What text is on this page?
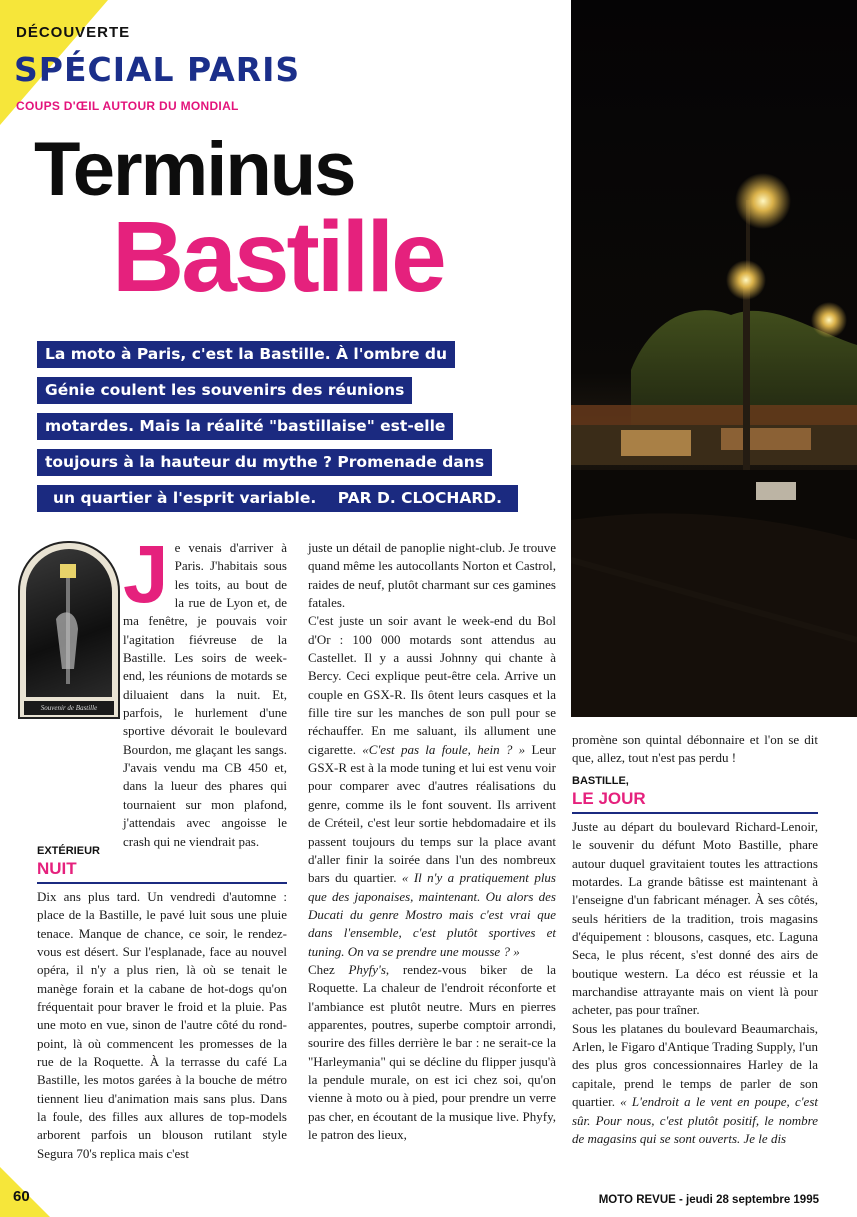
DÉCOUVERTE
SPÉCIAL PARIS
COUPS D'ŒIL AUTOUR DU MONDIAL
Terminus
Bastille
La moto à Paris, c'est la Bastille. À l'ombre du
Génie coulent les souvenirs des réunions
motardes. Mais la réalité "bastillaise" est-elle
toujours à la hauteur du mythe ? Promenade dans
un quartier à l'esprit variable. PAR D. CLOCHARD.
Souvenir de Bastille
J e venais d'arriver à Paris. J'habitais sous les toits, au bout de la rue de Lyon et, de ma fenêtre, je pouvais voir l'agitation fiévreuse de la Bastille. Les soirs de week-end, les réunions de motards se diluaient dans la nuit. Et, parfois, le hurlement d'une sportive dévorait le boulevard Bourdon, me glaçant les sangs. J'avais vendu ma CB 450 et, dans la lueur des phares qui tournaient sur mon plafond, j'attendais avec angoisse le crash qui ne viendrait pas.

EXTÉRIEUR
NUIT

Dix ans plus tard. Un vendredi d'automne : place de la Bastille, le pavé luit sous une pluie tenace. Manque de chance, ce soir, le rendez-vous est désert. Sur l'esplanade, face au nouvel opéra, il n'y a plus rien, là où se tenait le manège forain et la cabane de hot-dogs qu'on fréquentait pour braver le froid et la pluie. Pas une moto en vue, sinon de l'autre côté du rond-point, là où commencent les promesses de la rue de la Roquette. À la terrasse du café La Bastille, les motos garées à la bouche de métro tiennent lieu d'animation mais sans plus. Dans la foule, des filles aux allures de top-models arborent parfois un blouson rutilant style Segura 70's replica mais c'est

juste un détail de panoplie night-club. Je trouve quand même les autocollants Norton et Castrol, raides de neuf, plutôt charmant sur ces gamines fatales.

C'est juste un soir avant le week-end du Bol d'Or : 100 000 motards sont attendus au Castellet. Il y a aussi Johnny qui chante à Bercy. Ceci explique peut-être cela. Arrive un couple en GSX-R. Ils ôtent leurs casques et la fille tire sur les manches de son pull pour se réchauffer. En me saluant, ils allument une cigarette. «C'est pas la foule, hein ? » Leur GSX-R est à la mode tuning et lui est venu voir pour comparer avec d'autres réalisations du genre, comme ils le font souvent. Ils arrivent de Créteil, c'est leur sortie hebdomadaire et ils passent toujours du temps sur la place avant d'aller finir la soirée dans l'un des nombreux bars du quartier. « Il n'y a pratiquement plus que des japonaises, maintenant. Ou alors des Ducati du genre Mostro mais c'est vrai que dans l'ensemble, c'est plutôt sportives et tuning. On va se prendre une mousse ? »

Chez Phyfy's, rendez-vous biker de la Roquette. La chaleur de l'endroit réconforte et l'ambiance est plutôt neutre. Murs en pierres apparentes, poutres, superbe comptoir arrondi, sourire des filles derrière le bar : ne serait-ce la "Harleymania" qui se décline du flipper jusqu'à la pendule murale, on est ici chez soi, qu'on vienne à moto ou à pied, pour prendre un verre pas cher, en écoutant de la musique live. Phyfy, le patron des lieux,

promène son quintal débonnaire et l'on se dit que, allez, tout n'est pas perdu !

BASTILLE,
LE JOUR

Juste au départ du boulevard Richard-Lenoir, le souvenir du défunt Moto Bastille, phare autour duquel gravitaient toutes les attractions motardes. La grande bâtisse est maintenant à l'enseigne d'un fabricant ménager. À ses côtés, seuls héritiers de la tradition, trois magasins d'équipement : blousons, casques, etc. Laguna Seca, le plus récent, s'est donné des airs de boutique western. La déco est réussie et la marchandise attrayante mais on vient là pour acheter, pas pour traîner.

Sous les platanes du boulevard Beaumarchais, Arlen, le Figaro d'Antique Trading Supply, l'un des plus gros concessionnaires Harley de la capitale, prend le temps de parler de son quartier. « L'endroit a le vent en poupe, c'est sûr. Pour nous, c'est plutôt positif, le nombre de magasins qui se sont ouverts. Je le dis

60	MOTO REVUE - jeudi 28 septembre 1995
